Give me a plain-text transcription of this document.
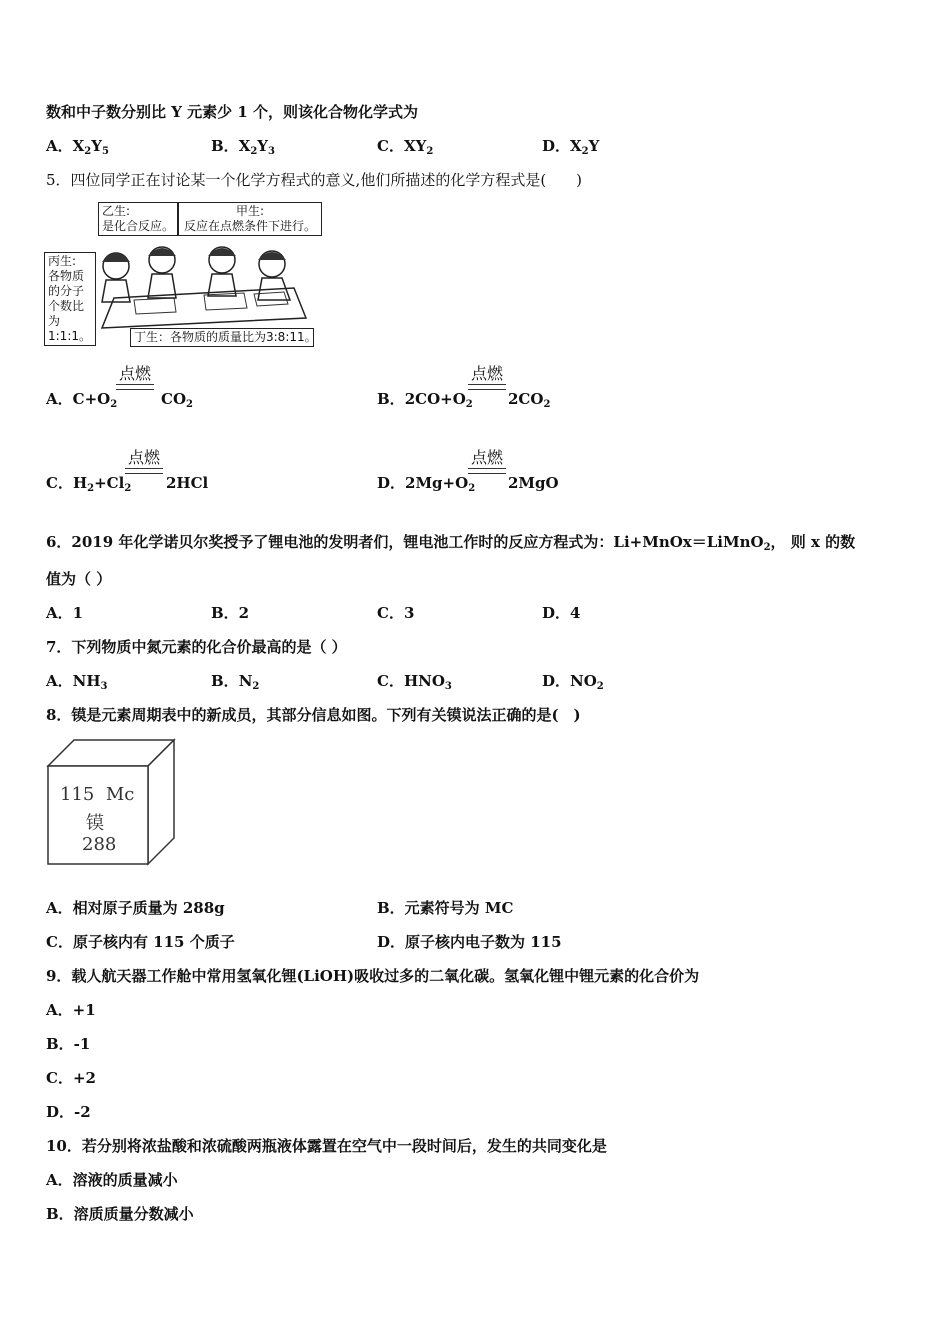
数和中子数分别比 Y 元素少 1 个，则该化合物化学式为
A．$X_2Y_5$	B．$X_2Y_3$	C．$XY_2$	D．$X_2Y$
5．四位同学正在讨论某一个化学方程式的意义,他们所描述的化学方程式是(　　)
乙生:
是化合反应。
甲生:
反应在点燃条件下进行。
丙生:
各物质
的分子
个数比
为1:1:1。	丁生：各物质的质量比为3:8:11。
A．$C+O_2$
点燃
$CO_2$	B．$2CO+O_2$
点燃
$2CO_2$
C．$H_2+Cl_2$
点燃
2HCl	D．$2Mg+O_2$
点燃
2MgO
6．2019 年化学诺贝尔奖授予了锂电池的发明者们，锂电池工作时的反应方程式为：Li+MnOx＝LiMnO$_2$， 则 x 的数
值为（ ）
A．1	B．2	C．3	D．4
7．下列物质中氮元素的化合价最高的是（ ）
A．$NH_3$	B．$N_2$	C．$HNO_3$	D．$NO_2$
8．镆是元素周期表中的新成员，其部分信息如图。下列有关镆说法正确的是(　)
115 Mc
镆
288
A．相对原子质量为 288g	B．元素符号为 MC
C．原子核内有 115 个质子	D．原子核内电子数为 115
9．载人航天器工作舱中常用氢氧化锂(LiOH)吸收过多的二氧化碳。氢氧化锂中锂元素的化合价为
A．+1
B．-1
C．+2
D．-2
10．若分别将浓盐酸和浓硫酸两瓶液体露置在空气中一段时间后，发生的共同变化是
A．溶液的质量减小
B．溶质质量分数减小
